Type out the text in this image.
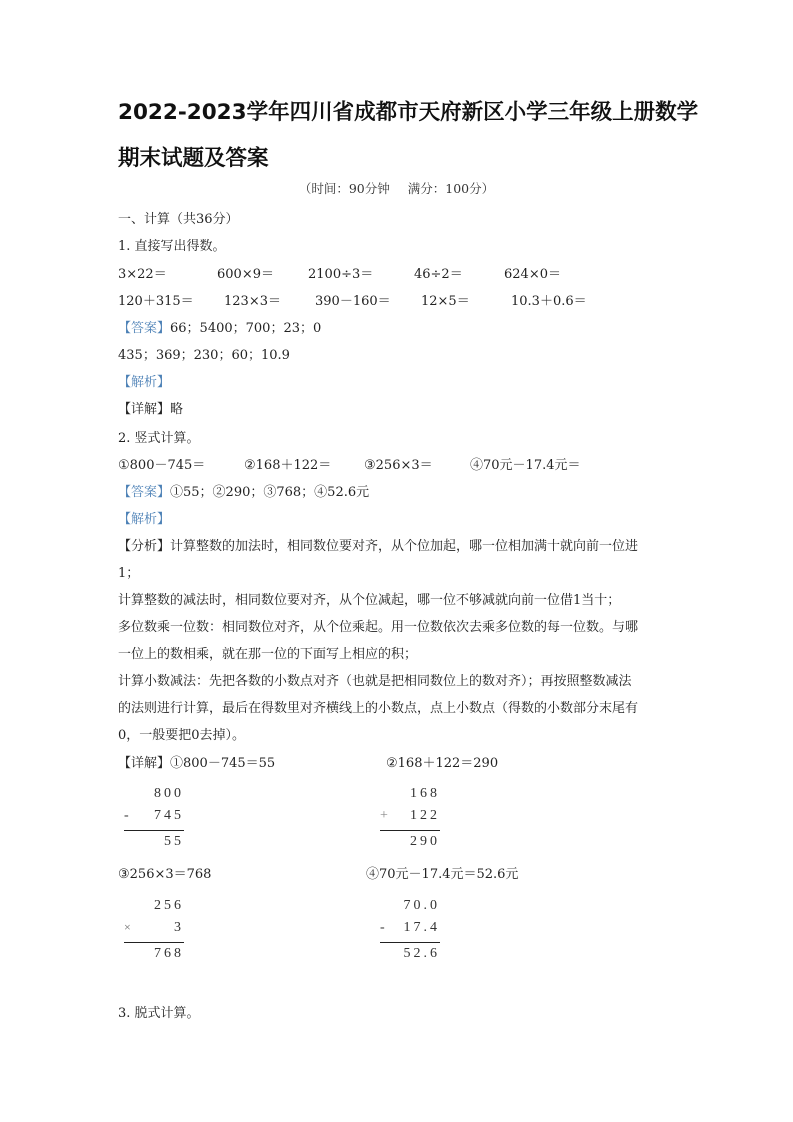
2022-2023学年四川省成都市天府新区小学三年级上册数学
期末试题及答案
（时间：90分钟 满分：100分）
一、计算（共36分）
1. 直接写出得数。
3×22＝	600×9＝	2100÷3＝	46÷2＝	624×0＝
120＋315＝ 123×3＝	390－160＝ 12×5＝	10.3＋0.6＝
【答案】66；5400；700；23；0
435；369；230；60；10.9
【解析】
【详解】略
2. 竖式计算。
①800－745＝	②168＋122＝	③256×3＝	④70元－17.4元＝
【答案】①55；②290；③768；④52.6元
【解析】
【分析】计算整数的加法时，相同数位要对齐，从个位加起，哪一位相加满十就向前一位进
1；
计算整数的减法时，相同数位要对齐，从个位减起，哪一位不够减就向前一位借1当十；
多位数乘一位数：相同数位对齐，从个位乘起。用一位数依次去乘多位数的每一位数。与哪
一位上的数相乘，就在那一位的下面写上相应的积；
计算小数减法：先把各数的小数点对齐（也就是把相同数位上的数对齐）；再按照整数减法
的法则进行计算，最后在得数里对齐横线上的小数点，点上小数点（得数的小数部分末尾有
0，一般要把0去掉）。
【详解】①800－745＝55	②168＋122＝290
800
- 745
55
168
+ 122
290
③256×3＝768	④70元－17.4元＝52.6元
256
×	3
768
70.0
- 17.4
52.6
3. 脱式计算。
